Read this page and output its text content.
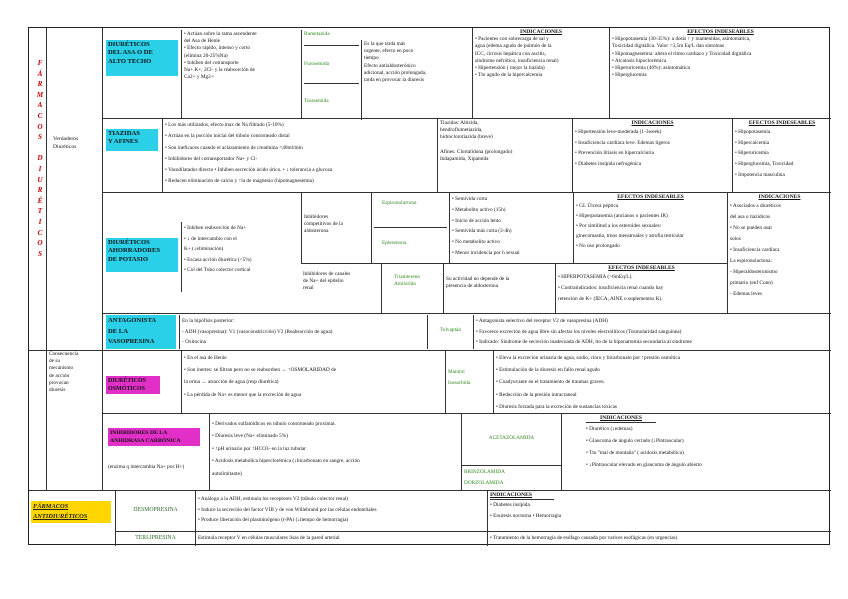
F
Á
R
M
A
C
O
S

D
I
U
R
É
T
I
C
O
S
Verdaderos Diuréticos
DIURÉTICOS
DEL ASA O DE
ALTO TECHO
• Actúan sobre la rama ascendente
del Asa de Henle
• Efecto rápido, intenso y corto
(elimina 20-25%Na)
• Inhiben del cotransporte
Na+ K+, 2Cl- y la reabsorción de
Ca2+ y Mg2+
Bumetanida
Furosemida
Torasemida
Es la que tarda más
urgente, efecto en poco
tiempo
Efecto antialdosterónico
adicional, acción prolongada,
tarda en provocar la diuresis
INDICACIONES
• Pacientes con sobrecarga de sal y
agua (edema agudo de pulmón de la
ICC, cirrosis hepática con ascitis,
síndrome nefrótico, insuficiencia renal)
• Hipertensión ( mejor la tiazida)
• Tto agudo de la hipercalcemia
EFECTOS INDESEABLES
• Hipopotasemia (30-35%): a dosis ↑ y mantenidas, asintomática,
Toxicidad digitálica. Valor <3,5m Eq/L dan síntomas
• Hipomagnesemia: altera el ritmo cardíaco y Toxicidad digitálica
• Alcalosis hipoclorémica
• Hiperuricemia (40%): asintomática
• Hiperglucemia
TIAZIDAS
Y AFINES
• Los más utilizados, efecto max de Na filtrado (5-10%)
• Actúan en la porción inicial del túbulo contorneado distal
• Son ineficaces cuando el aclaramiento de creatinina <40ml/min
• Inhibidores del cotransportador Na+ y Cl-
• Vasodilatador directo • Inhiben secreción ácido úrico. • ↓ tolerancia a glucosa
• Reducen eliminación de calcio y ↑la de magnesio (hipomagnesemia)
Tiazidas: Altizida,
bendroflumetiazida,
hidroclorotiazida (breve)

Afines: Clortalidona (prolongado)
Indapamida, Xipamida
INDICACIONES
• Hipertensión leve-moderada (1-3week)
• Insuficiencia cardíaca leve. Edemas ligeros
• Prevención litiasis en hipercalciuria
• Diabetes insípida nefrogénica
EFECTOS INDESEABLES
• Hipopotasemia
• Hipercalcemia
• Hiperuricemia
• Hiperglucemia, Toxicidad
• Impotencia masculina
DIURÉTICOS
AHORRADORES
DE POTASIO
• Inhiben reabsorción de Na+
• ↓ de intercambio con el
K+ (↓eliminación)
• Escasa acción diurética (<5%)
• Col del Tubo colector cortical
Inhibidores
competitivos de la
aldosterona
Espironolactona
Eplerenona
• Semivida corta
• Metabolito activo (15h)
• Inicio de acción lento
• Semivida más corta (3-4h)
• No metabolito activo
• Menor incidencia por h sexual
EFECTOS INDESEABLES
• GI. Úlcera péptica
• Hiperpotasemia (ancianos o pacientes IR)
• Por similitud a los esteroides sexuales:
ginecomastia, trnos menstruales y atrofia testicular
• No uso prolongado
Inhibidores de canales
de Na+ del epitelio
renal
Triamtereno
Amilorida
Su actividad no depende de la
presencia de aldosterona
EFECTOS INDESEABLES
• HIPERPOTASEMIA (>6mEq/L).
• Contraindicados: insuficiencia renal cuando hay
retención de K+ (IECA, AINE o suplementos K).
INDICACIONES
• Asociados a diuréticos
del asa o tiazídicos
• No se pueden usar
solos
• Insuficiencia cardíaca
La espironolactona:
- Hiperaldosteronismo
primario (enf Conn)
- Edemas leves
ANTAGONISTA
DE LA
VASOPRESINA
En la hipófisis posterior:
- ADH (vasopresina): V1 (vasoconstricción) V2 (Reabsorción de agua)
- Oxitocina
Tolvaptán
• Antagonista selectivo del receptor V2 de vasopresina (ADH)
• Favorece excreción de agua libre sin afectar los niveles electrolíticos (Tosmolaridad sanguínea)
• Indicado: Síndrome de secreción inadecuada de ADH, tto de la hiponatremia secundaria al síndrome
Consecuencia
de su
mecanismo
de acción
provocan
diuresis
DIURÉTICOS
OSMÓTICOS
• En el asa de Henle
• Son inertes: se filtran pero no se reabsorben → ↑OSMOLARIDAD de
la orina → atracción de agua (resp diurética)
• La pérdida de Na+ es menor que la excreción de agua
Manitol
Isosorbida
• Eleva la excreción urinaria de agua, sodio, cloro y bicarbonato por ↑presión osmótica
• Estimulación de la diuresis en fallo renal agudo
• Coadyuvante en el tratamiento de traumas graves.
• Reducción de la presión intracraneal
• Diuresis forzada para la excreción de sustancias tóxicas
INHIBIDORES DE LA
ANHIDRASA CARBÓNICA
(enzima q intercambia Na+ por H+)
• Derivados sulfamídicos en túbulo contorneado proximal.
• Diuresis leve (Na+ eliminado 5%)
• ↑pH urinario por ↑HCO3- en la luz tubular
• Acidosis metabólica hiperclorémica (↓bicarbonato en sangre, acción
autolimitante)
ACETAZOLAMIDA
BRINZOLAMIDA
DORZOLAMIDA
INDICACIONES
• Diurético (↓edemas)
• Glaucoma de ángulo cerrado (↓Pintraocular)
• Tto "mal de montaña" ( acidosis metabólica)
• ↓Pintraocular elevado en glaucoma de ángulo abierto
FÁRMACOS
ANTIDIURÉTICOS
DESMOPRESINA
• Análogo a la ADH, estimula los receptores V2 (túbulo colector renal)
• Induce la secreción del factor VIII y de von Willebrand por las células endoteliales
• Produce liberación del plasminógeno (t-PA) (↓tiempo de hemorragia)
INDICACIONES
• Diabetes insípida
• Enuresis nocturna • Hemorragia
TERLIPRESINA	Estimula receptor V en células musculares lisas de la pared arterial	• Tratamiento de la hemorragia de esófago causada por varices esofágicas (en urgencias)
